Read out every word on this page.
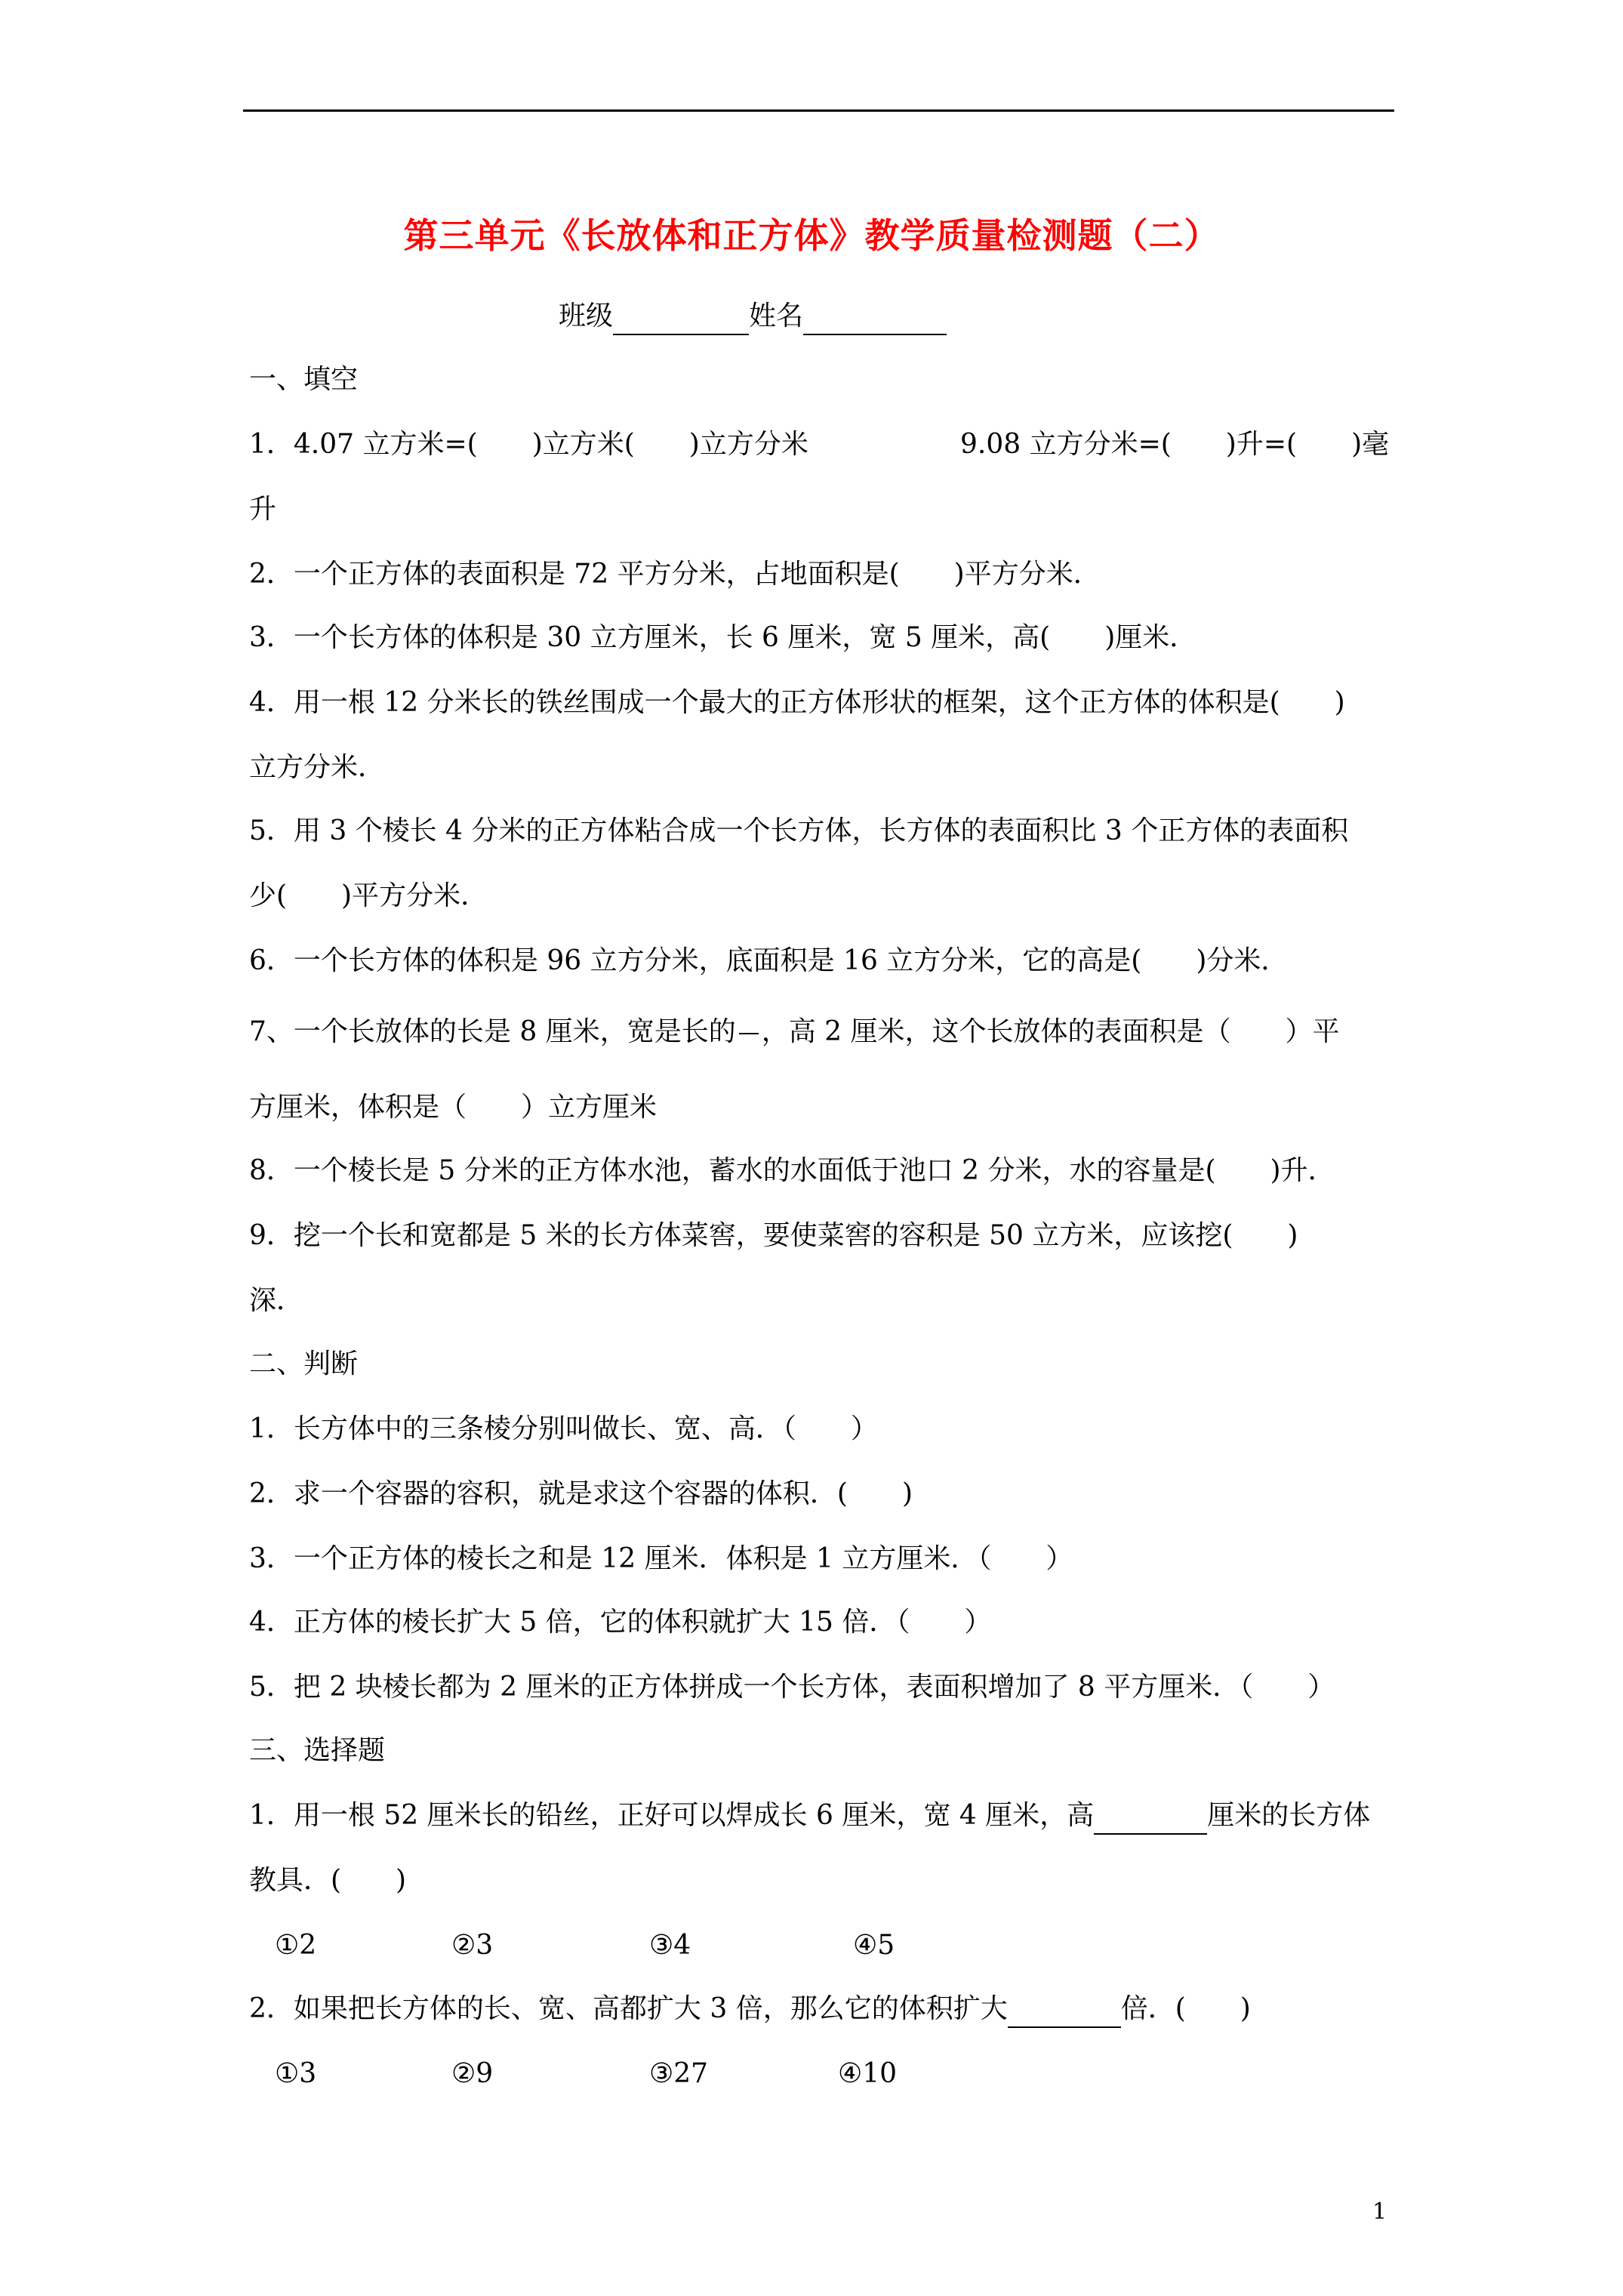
第三单元《长放体和正方体》教学质量检测题（二）
班级	姓名
一、填空
1．4.07 立方米=(　　)立方米(　　)立方分米	9.08 立方分米=(　　)升=(　　)毫
升
2．一个正方体的表面积是 72 平方分米，占地面积是(　　)平方分米．
3．一个长方体的体积是 30 立方厘米，长 6 厘米，宽 5 厘米，高(　　)厘米．
4．用一根 12 分米长的铁丝围成一个最大的正方体形状的框架，这个正方体的体积是(　　)
立方分米．
5．用 3 个棱长 4 分米的正方体粘合成一个长方体，长方体的表面积比 3 个正方体的表面积
少(　　)平方分米．
6．一个长方体的体积是 96 立方分米，底面积是 16 立方分米，它的高是(　　)分米．
7、一个长放体的长是 8 厘米，宽是长的 ，高 2 厘米，这个长放体的表面积是（　　）平
方厘米，体积是（　　）立方厘米
8．一个棱长是 5 分米的正方体水池，蓄水的水面低于池口 2 分米，水的容量是(　　)升．
9．挖一个长和宽都是 5 米的长方体菜窖，要使菜窖的容积是 50 立方米，应该挖(　　)
深．
二、判断
1．长方体中的三条棱分别叫做长、宽、高．（　　）
2．求一个容器的容积，就是求这个容器的体积．(　　)
3．一个正方体的棱长之和是 12 厘米．体积是 1 立方厘米．（　　）
4．正方体的棱长扩大 5 倍，它的体积就扩大 15 倍．（　　）
5．把 2 块棱长都为 2 厘米的正方体拼成一个长方体，表面积增加了 8 平方厘米．（　　）
三、选择题
1．用一根 52 厘米长的铅丝，正好可以焊成长 6 厘米，宽 4 厘米，高	厘米的长方体
教具．(　　)
①2	②3	③4	④5
2．如果把长方体的长、宽、高都扩大 3 倍，那么它的体积扩大	倍．(　　)
①3	②9	③27	④10
1
